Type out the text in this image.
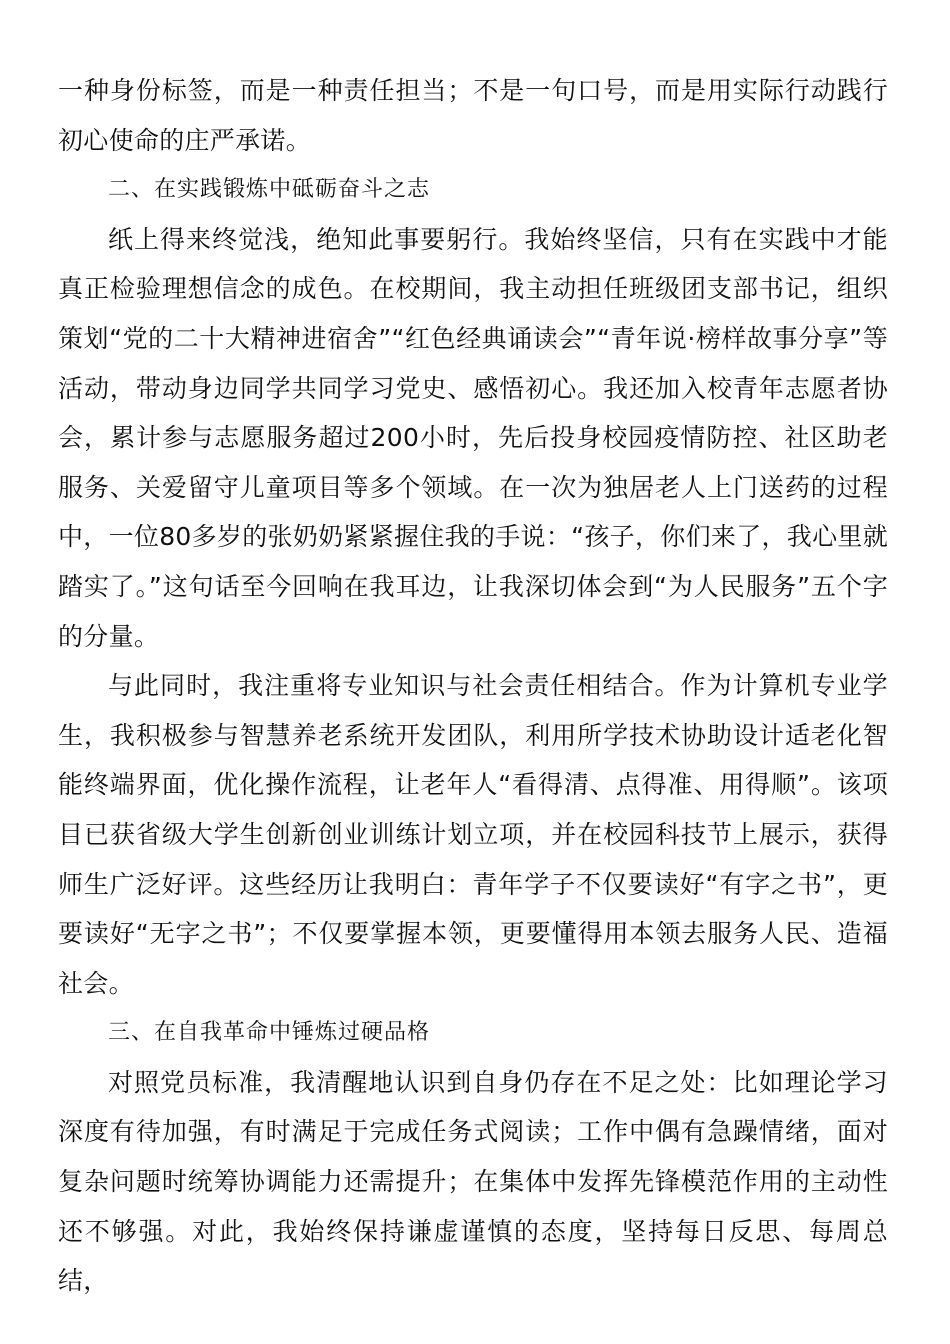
一种身份标签，而是一种责任担当；不是一句口号，而是用实际行动践行初心使命的庄严承诺。

二、在实践锻炼中砥砺奋斗之志

纸上得来终觉浅，绝知此事要躬行。我始终坚信，只有在实践中才能真正检验理想信念的成色。在校期间，我主动担任班级团支部书记，组织策划“党的二十大精神进宿舍”“红色经典诵读会”“青年说·榜样故事分享”等活动，带动身边同学共同学习党史、感悟初心。我还加入校青年志愿者协会，累计参与志愿服务超过200小时，先后投身校园疫情防控、社区助老服务、关爱留守儿童项目等多个领域。在一次为独居老人上门送药的过程中，一位80多岁的张奶奶紧紧握住我的手说：“孩子，你们来了，我心里就踏实了。”这句话至今回响在我耳边，让我深切体会到“为人民服务”五个字的分量。

与此同时，我注重将专业知识与社会责任相结合。作为计算机专业学生，我积极参与智慧养老系统开发团队，利用所学技术协助设计适老化智能终端界面，优化操作流程，让老年人“看得清、点得准、用得顺”。该项目已获省级大学生创新创业训练计划立项，并在校园科技节上展示，获得师生广泛好评。这些经历让我明白：青年学子不仅要读好“有字之书”，更要读好“无字之书”；不仅要掌握本领，更要懂得用本领去服务人民、造福社会。

三、在自我革命中锤炼过硬品格

对照党员标准，我清醒地认识到自身仍存在不足之处：比如理论学习深度有待加强，有时满足于完成任务式阅读；工作中偶有急躁情绪，面对复杂问题时统筹协调能力还需提升；在集体中发挥先锋模范作用的主动性还不够强。对此，我始终保持谦虚谨慎的态度，坚持每日反思、每周总结，
